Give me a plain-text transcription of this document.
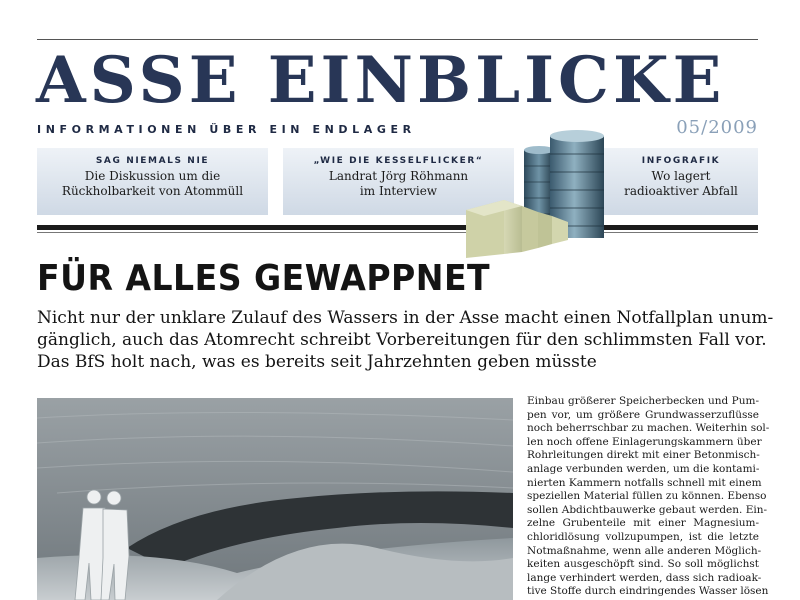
ASSE EINBLICKE
INFORMATIONEN ÜBER EIN ENDLAGER	05/2009
SAG NIEMALS NIE
Die Diskussion um die
Rückholbarkeit von Atommüll
„WIE DIE KESSELFLICKER“
Landrat Jörg Röhmann
im Interview
INFOGRAFIK
Wo lagert
radioaktiver Abfall
FÜR ALLES GEWAPPNET
Nicht nur der unklare Zulauf des Wassers in der Asse macht einen Notfallplan unum-
gänglich, auch das Atomrecht schreibt Vorbereitungen für den schlimmsten Fall vor.
Das BfS holt nach, was es bereits seit Jahrzehnten geben müsste
Einbau größerer Speicherbecken und Pum-
pen vor, um größere Grundwasserzuflüsse
noch beherrschbar zu machen. Weiterhin sol-
len noch offene Einlagerungskammern über
Rohrleitungen direkt mit einer Betonmisch-
anlage verbunden werden, um die kontami-
nierten Kammern notfalls schnell mit einem
speziellen Material füllen zu können. Ebenso
sollen Abdichtbauwerke gebaut werden. Ein-
zelne Grubenteile mit einer Magnesium-
chloridlösung vollzupumpen, ist die letzte
Notmaßnahme, wenn alle anderen Möglich-
keiten ausgeschöpft sind. So soll möglichst
lange verhindert werden, dass sich radioak-
tive Stoffe durch eindringendes Wasser lösen
